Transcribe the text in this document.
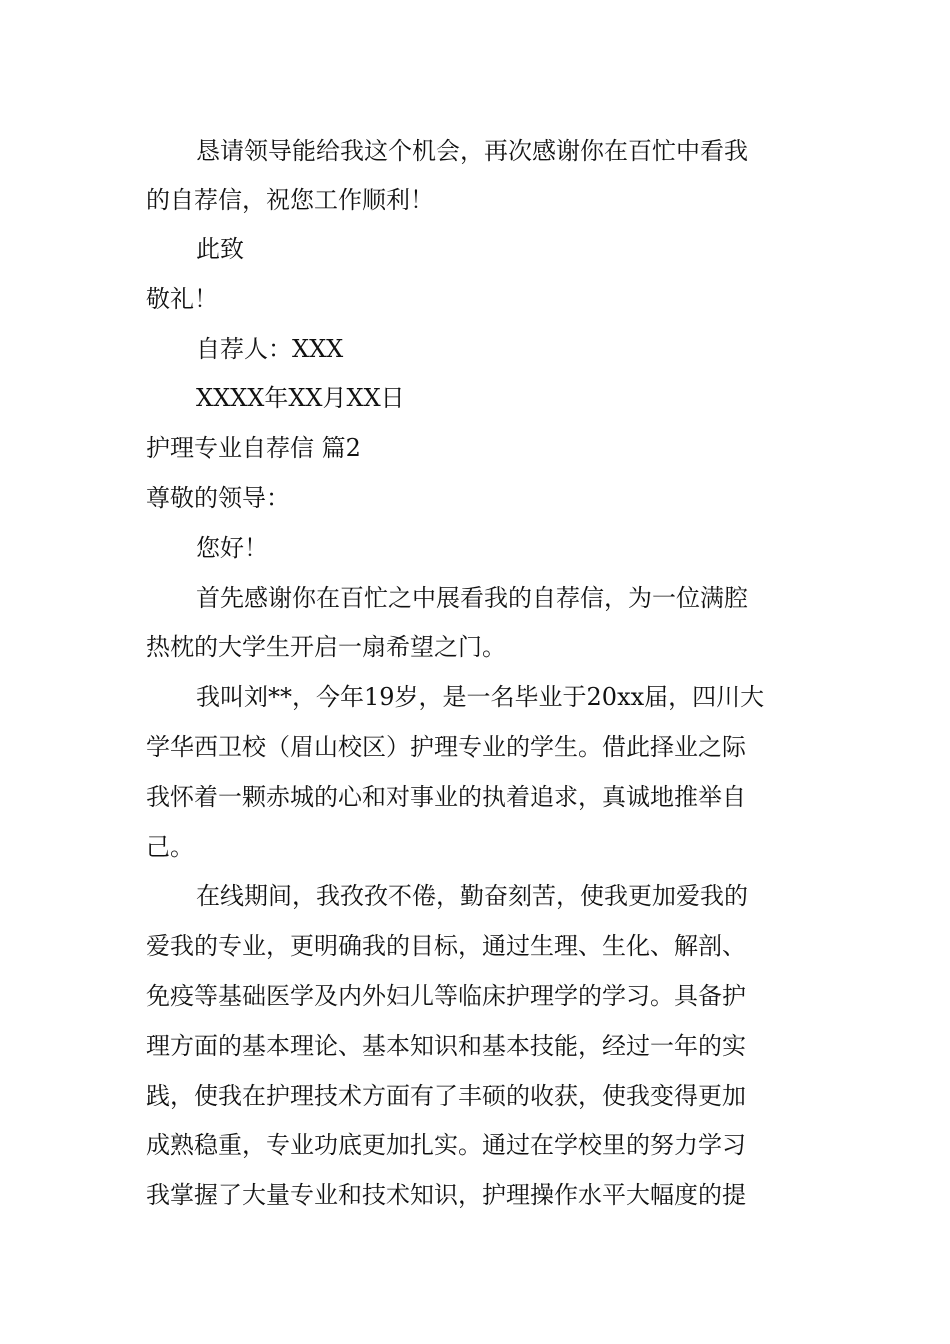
恳请领导能给我这个机会，再次感谢你在百忙中看我
的自荐信，祝您工作顺利！
此致
敬礼！
自荐人：XXX
XXXX年XX月XX日
护理专业自荐信 篇2
尊敬的领导：
您好！
首先感谢你在百忙之中展看我的自荐信，为一位满腔
热枕的大学生开启一扇希望之门。
我叫刘**，今年19岁，是一名毕业于20xx届，四川大
学华西卫校（眉山校区）护理专业的学生。借此择业之际
我怀着一颗赤城的心和对事业的执着追求，真诚地推举自
己。
在线期间，我孜孜不倦，勤奋刻苦，使我更加爱我的
爱我的专业，更明确我的目标，通过生理、生化、解剖、
免疫等基础医学及内外妇儿等临床护理学的学习。具备护
理方面的基本理论、基本知识和基本技能，经过一年的实
践，使我在护理技术方面有了丰硕的收获，使我变得更加
成熟稳重，专业功底更加扎实。通过在学校里的努力学习
我掌握了大量专业和技术知识，护理操作水平大幅度的提
